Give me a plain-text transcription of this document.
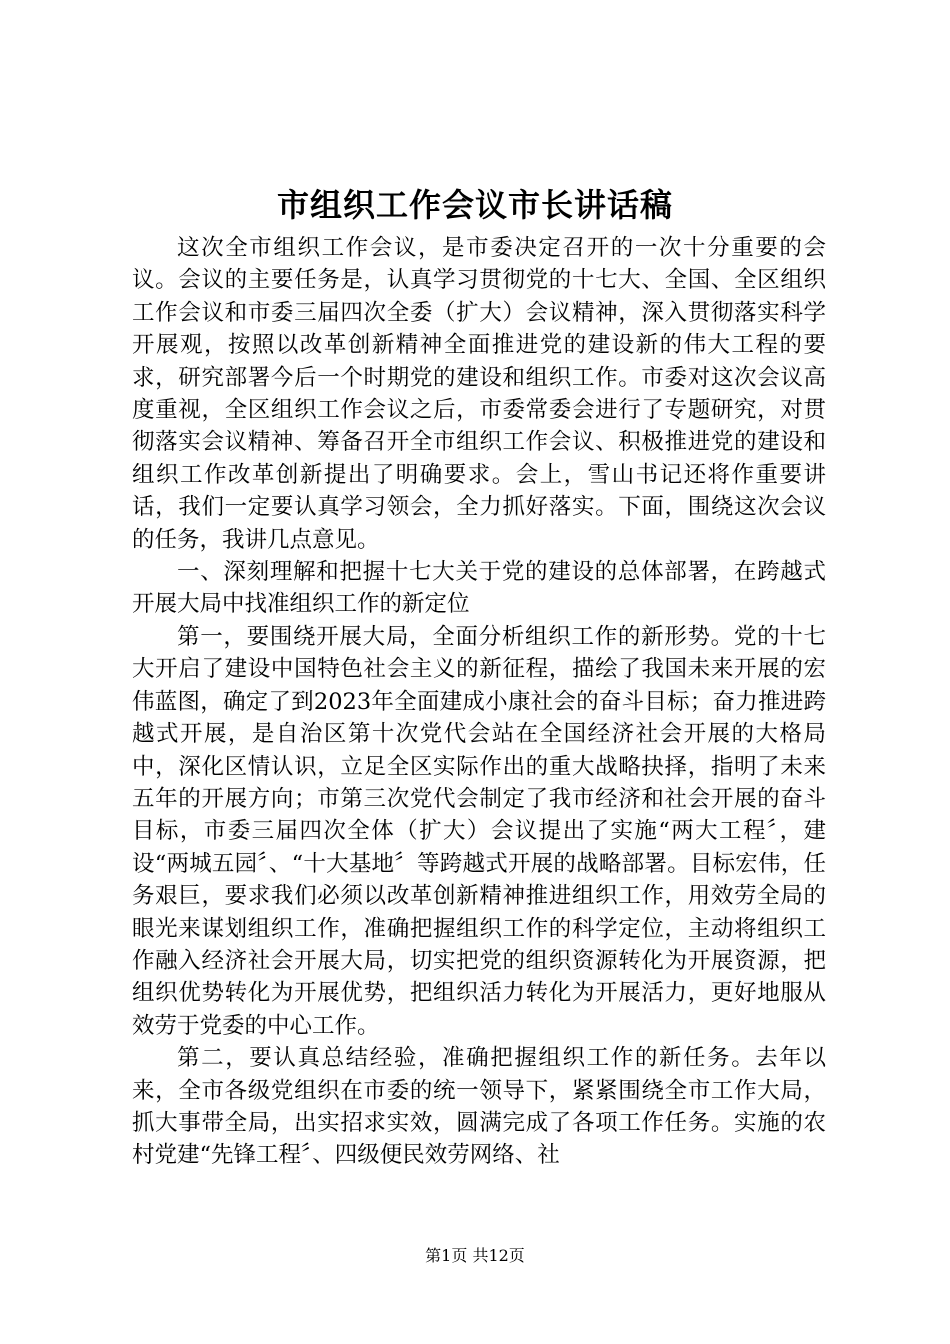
市组织工作会议市长讲话稿

这次全市组织工作会议，是市委决定召开的一次十分重要的会议。会议的主要任务是，认真学习贯彻党的十七大、全国、全区组织工作会议和市委三届四次全委（扩大）会议精神，深入贯彻落实科学开展观，按照以改革创新精神全面推进党的建设新的伟大工程的要求，研究部署今后一个时期党的建设和组织工作。市委对这次会议高度重视，全区组织工作会议之后，市委常委会进行了专题研究，对贯彻落实会议精神、筹备召开全市组织工作会议、积极推进党的建设和组织工作改革创新提出了明确要求。会上，雪山书记还将作重要讲话，我们一定要认真学习领会，全力抓好落实。下面，围绕这次会议的任务，我讲几点意见。

一、深刻理解和把握十七大关于党的建设的总体部署，在跨越式开展大局中找准组织工作的新定位

第一，要围绕开展大局，全面分析组织工作的新形势。党的十七大开启了建设中国特色社会主义的新征程，描绘了我国未来开展的宏伟蓝图，确定了到2023年全面建成小康社会的奋斗目标；奋力推进跨越式开展，是自治区第十次党代会站在全国经济社会开展的大格局中，深化区情认识，立足全区实际作出的重大战略抉择，指明了未来五年的开展方向；市第三次党代会制定了我市经济和社会开展的奋斗目标，市委三届四次全体（扩大）会议提出了实施“两大工程〞，建设“两城五园〞、“十大基地〞等跨越式开展的战略部署。目标宏伟，任务艰巨，要求我们必须以改革创新精神推进组织工作，用效劳全局的眼光来谋划组织工作，准确把握组织工作的科学定位，主动将组织工作融入经济社会开展大局，切实把党的组织资源转化为开展资源，把组织优势转化为开展优势，把组织活力转化为开展活力，更好地服从效劳于党委的中心工作。

第二，要认真总结经验，准确把握组织工作的新任务。去年以来，全市各级党组织在市委的统一领导下，紧紧围绕全市工作大局，抓大事带全局，出实招求实效，圆满完成了各项工作任务。实施的农村党建“先锋工程〞、四级便民效劳网络、社

第1页 共12页
